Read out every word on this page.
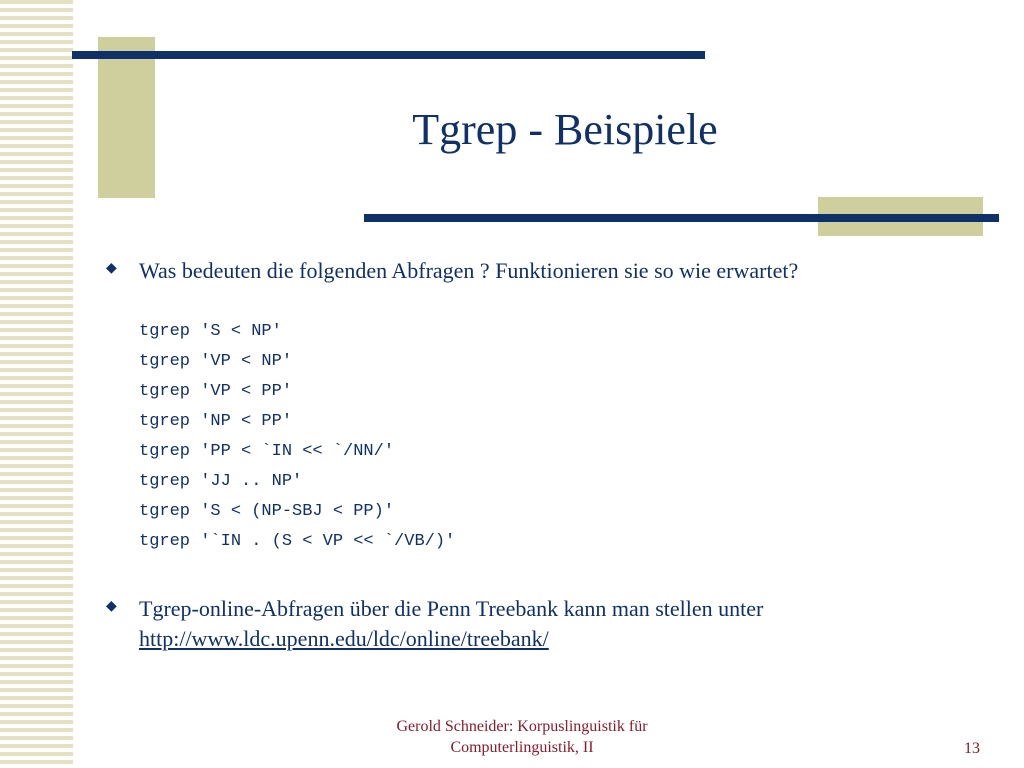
Tgrep - Beispiele
◆ Was bedeuten die folgenden Abfragen ? Funktionieren sie so wie erwartet?
tgrep 'S < NP'
tgrep 'VP < NP'
tgrep 'VP < PP'
tgrep 'NP < PP'
tgrep 'PP < `IN << `/NN/'
tgrep 'JJ .. NP'
tgrep 'S < (NP-SBJ < PP)'
tgrep '`IN . (S < VP << `/VB/)'
◆ Tgrep-online-Abfragen über die Penn Treebank kann man stellen unter
http://www.ldc.upenn.edu/ldc/online/treebank/
Gerold Schneider: Korpuslinguistik für
Computerlinguistik, II	13
